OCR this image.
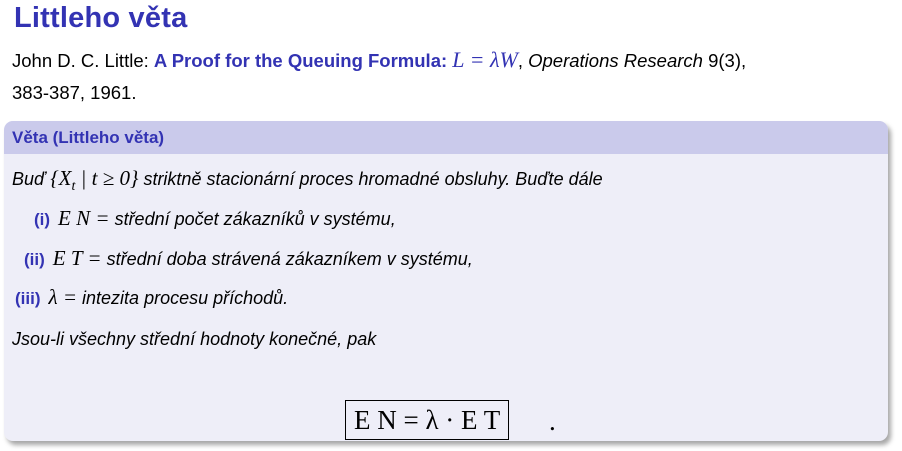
Littleho věta
John D. C. Little: A Proof for the Queuing Formula: L = λW, Operations Research 9(3),
383-387, 1961.
Věta (Littleho věta)
Buď {$X_t$ | t ≥ 0} striktně stacionární proces hromadné obsluhy. Buďte dále
(i) E N = střední počet zákazníků v systému,
(ii) E T = střední doba strávená zákazníkem v systému,
(iii) λ = intezita procesu příchodů.
Jsou-li všechny střední hodnoty konečné, pak
E N = λ · E T	.
